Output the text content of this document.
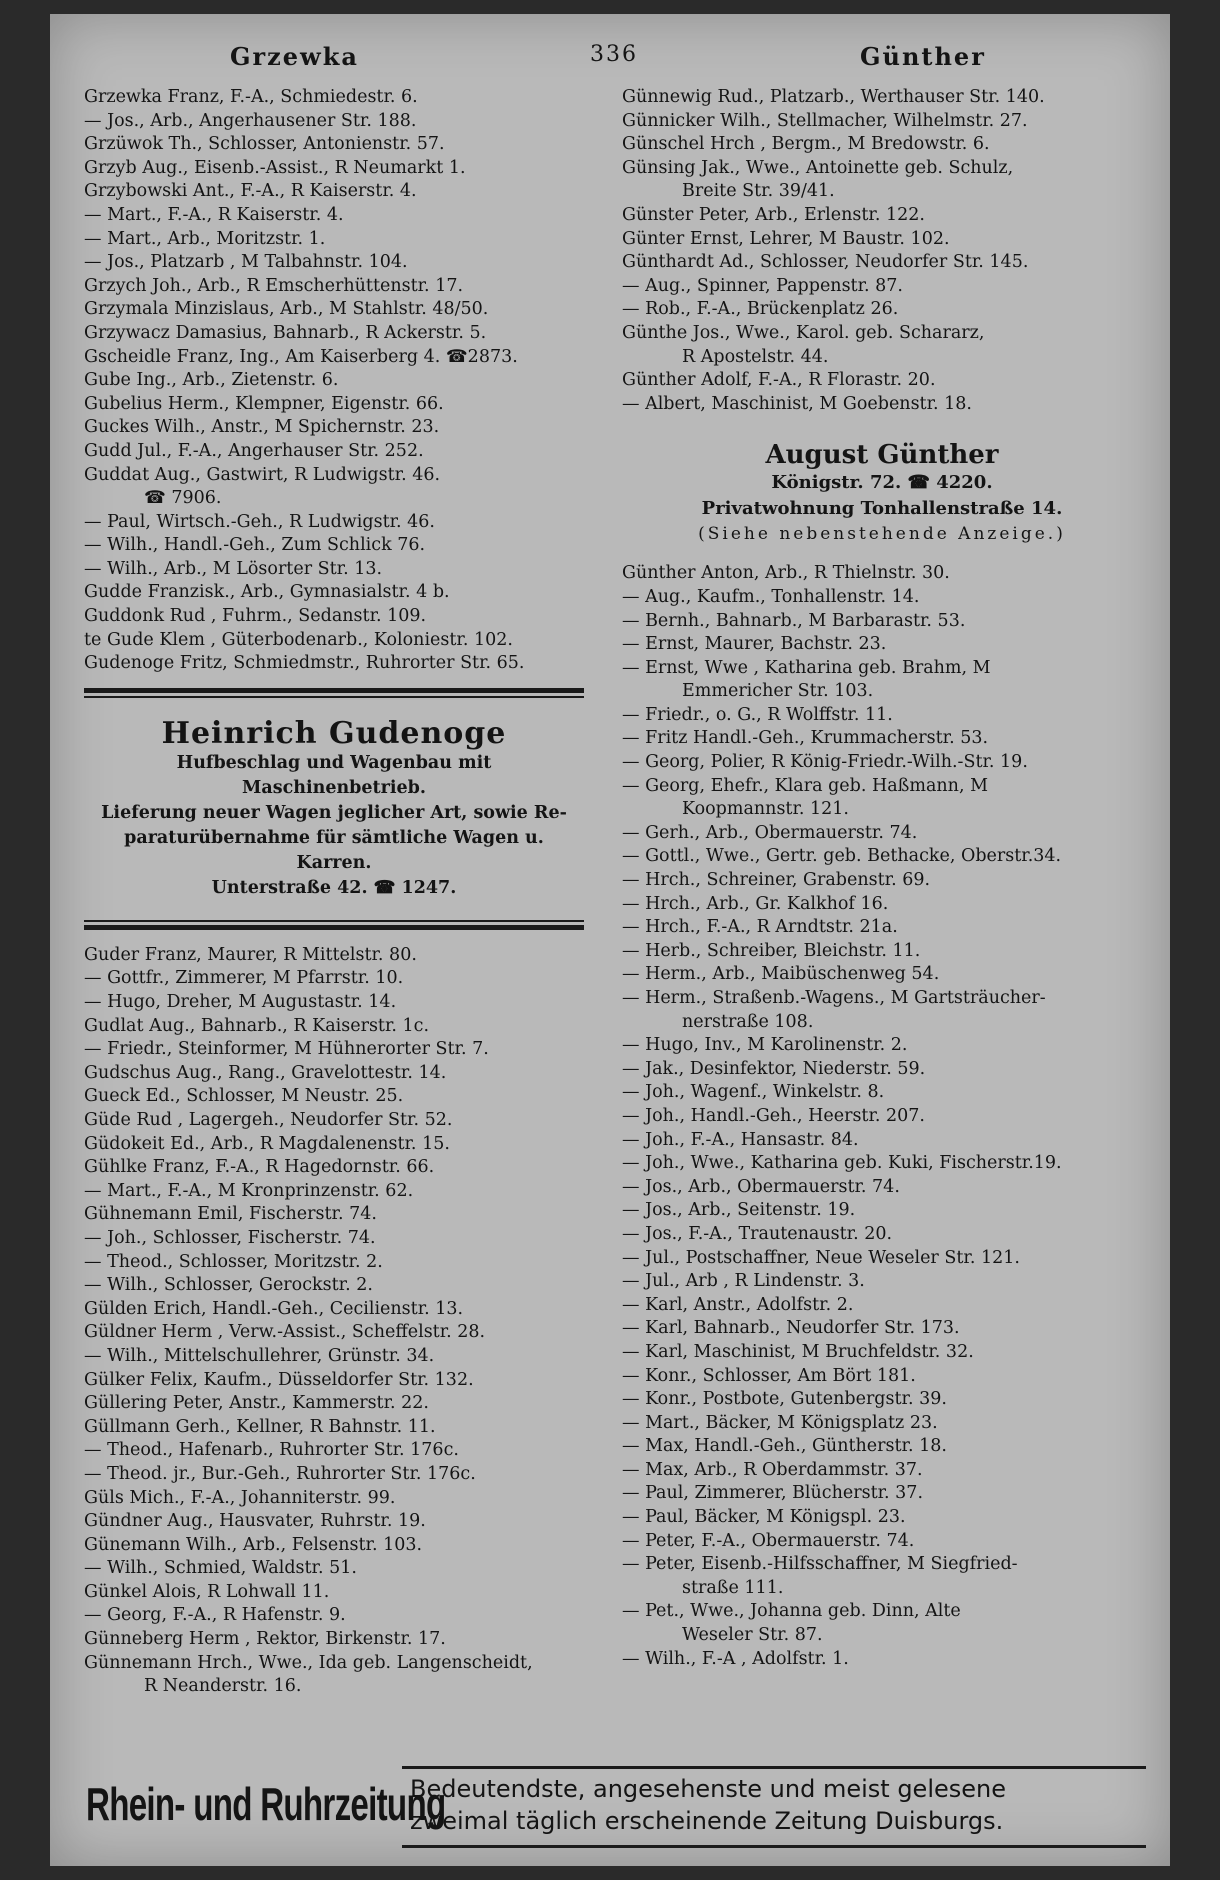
Grzewka	336	Günther
Grzewka Franz, F.-A., Schmiedestr. 6.
— Jos., Arb., Angerhausener Str. 188.
Grzüwok Th., Schlosser, Antonienstr. 57.
Grzyb Aug., Eisenb.-Assist., R Neumarkt 1.
Grzybowski Ant., F.-A., R Kaiserstr. 4.
— Mart., F.-A., R Kaiserstr. 4.
— Mart., Arb., Moritzstr. 1.
— Jos., Platzarb , M Talbahnstr. 104.
Grzych Joh., Arb., R Emscherhüttenstr. 17.
Grzymala Minzislaus, Arb., M Stahlstr. 48/50.
Grzywacz Damasius, Bahnarb., R Ackerstr. 5.
Gscheidle Franz, Ing., Am Kaiserberg 4. ☎2873.
Gube Ing., Arb., Zietenstr. 6.
Gubelius Herm., Klempner, Eigenstr. 66.
Guckes Wilh., Anstr., M Spichernstr. 23.
Gudd Jul., F.-A., Angerhauser Str. 252.
Guddat Aug., Gastwirt, R Ludwigstr. 46.
☎ 7906.
— Paul, Wirtsch.-Geh., R Ludwigstr. 46.
— Wilh., Handl.-Geh., Zum Schlick 76.
— Wilh., Arb., M Lösorter Str. 13.
Gudde Franzisk., Arb., Gymnasialstr. 4 b.
Guddonk Rud , Fuhrm., Sedanstr. 109.
te Gude Klem , Güterbodenarb., Koloniestr. 102.
Gudenoge Fritz, Schmiedmstr., Ruhrorter Str. 65.
Heinrich Gudenoge
Hufbeschlag und Wagenbau mit Maschinenbetrieb.
Lieferung neuer Wagen jeglicher Art, sowie Re-
paraturübernahme für sämtliche Wagen u. Karren.
Unterstraße 42. ☎ 1247.
Guder Franz, Maurer, R Mittelstr. 80.
— Gottfr., Zimmerer, M Pfarrstr. 10.
— Hugo, Dreher, M Augustastr. 14.
Gudlat Aug., Bahnarb., R Kaiserstr. 1c.
— Friedr., Steinformer, M Hühnerorter Str. 7.
Gudschus Aug., Rang., Gravelottestr. 14.
Gueck Ed., Schlosser, M Neustr. 25.
Güde Rud , Lagergeh., Neudorfer Str. 52.
Güdokeit Ed., Arb., R Magdalenenstr. 15.
Gühlke Franz, F.-A., R Hagedornstr. 66.
— Mart., F.-A., M Kronprinzenstr. 62.
Gühnemann Emil, Fischerstr. 74.
— Joh., Schlosser, Fischerstr. 74.
— Theod., Schlosser, Moritzstr. 2.
— Wilh., Schlosser, Gerockstr. 2.
Gülden Erich, Handl.-Geh., Cecilienstr. 13.
Güldner Herm , Verw.-Assist., Scheffelstr. 28.
— Wilh., Mittelschullehrer, Grünstr. 34.
Gülker Felix, Kaufm., Düsseldorfer Str. 132.
Güllering Peter, Anstr., Kammerstr. 22.
Güllmann Gerh., Kellner, R Bahnstr. 11.
— Theod., Hafenarb., Ruhrorter Str. 176c.
— Theod. jr., Bur.-Geh., Ruhrorter Str. 176c.
Güls Mich., F.-A., Johanniterstr. 99.
Gündner Aug., Hausvater, Ruhrstr. 19.
Günemann Wilh., Arb., Felsenstr. 103.
— Wilh., Schmied, Waldstr. 51.
Günkel Alois, R Lohwall 11.
— Georg, F.-A., R Hafenstr. 9.
Günneberg Herm , Rektor, Birkenstr. 17.
Günnemann Hrch., Wwe., Ida geb. Langenscheidt,
R Neanderstr. 16.
Günnewig Rud., Platzarb., Werthauser Str. 140.
Günnicker Wilh., Stellmacher, Wilhelmstr. 27.
Günschel Hrch , Bergm., M Bredowstr. 6.
Günsing Jak., Wwe., Antoinette geb. Schulz,
Breite Str. 39/41.
Günster Peter, Arb., Erlenstr. 122.
Günter Ernst, Lehrer, M Baustr. 102.
Günthardt Ad., Schlosser, Neudorfer Str. 145.
— Aug., Spinner, Pappenstr. 87.
— Rob., F.-A., Brückenplatz 26.
Günthe Jos., Wwe., Karol. geb. Schararz,
R Apostelstr. 44.
Günther Adolf, F.-A., R Florastr. 20.
— Albert, Maschinist, M Goebenstr. 18.
August Günther
Königstr. 72. ☎ 4220.
Privatwohnung Tonhallenstraße 14.
(Siehe nebenstehende Anzeige.)
Günther Anton, Arb., R Thielnstr. 30.
— Aug., Kaufm., Tonhallenstr. 14.
— Bernh., Bahnarb., M Barbarastr. 53.
— Ernst, Maurer, Bachstr. 23.
— Ernst, Wwe , Katharina geb. Brahm, M
Emmericher Str. 103.
— Friedr., o. G., R Wolffstr. 11.
— Fritz Handl.-Geh., Krummacherstr. 53.
— Georg, Polier, R König-Friedr.-Wilh.-Str. 19.
— Georg, Ehefr., Klara geb. Haßmann, M
Koopmannstr. 121.
— Gerh., Arb., Obermauerstr. 74.
— Gottl., Wwe., Gertr. geb. Bethacke, Oberstr.34.
— Hrch., Schreiner, Grabenstr. 69.
— Hrch., Arb., Gr. Kalkhof 16.
— Hrch., F.-A., R Arndtstr. 21a.
— Herb., Schreiber, Bleichstr. 11.
— Herm., Arb., Maibüschenweg 54.
— Herm., Straßenb.-Wagens., M Gartsträucher-
nerstraße 108.
— Hugo, Inv., M Karolinenstr. 2.
— Jak., Desinfektor, Niederstr. 59.
— Joh., Wagenf., Winkelstr. 8.
— Joh., Handl.-Geh., Heerstr. 207.
— Joh., F.-A., Hansastr. 84.
— Joh., Wwe., Katharina geb. Kuki, Fischerstr.19.
— Jos., Arb., Obermauerstr. 74.
— Jos., Arb., Seitenstr. 19.
— Jos., F.-A., Trautenaustr. 20.
— Jul., Postschaffner, Neue Weseler Str. 121.
— Jul., Arb , R Lindenstr. 3.
— Karl, Anstr., Adolfstr. 2.
— Karl, Bahnarb., Neudorfer Str. 173.
— Karl, Maschinist, M Bruchfeldstr. 32.
— Konr., Schlosser, Am Bört 181.
— Konr., Postbote, Gutenbergstr. 39.
— Mart., Bäcker, M Königsplatz 23.
— Max, Handl.-Geh., Güntherstr. 18.
— Max, Arb., R Oberdammstr. 37.
— Paul, Zimmerer, Blücherstr. 37.
— Paul, Bäcker, M Königspl. 23.
— Peter, F.-A., Obermauerstr. 74.
— Peter, Eisenb.-Hilfsschaffner, M Siegfried-
straße 111.
— Pet., Wwe., Johanna geb. Dinn, Alte
Weseler Str. 87.
— Wilh., F.-A , Adolfstr. 1.
Rhein- und Ruhrzeitung
Bedeutendste, angesehenste und meist gelesene
zweimal täglich erscheinende Zeitung Duisburgs.
